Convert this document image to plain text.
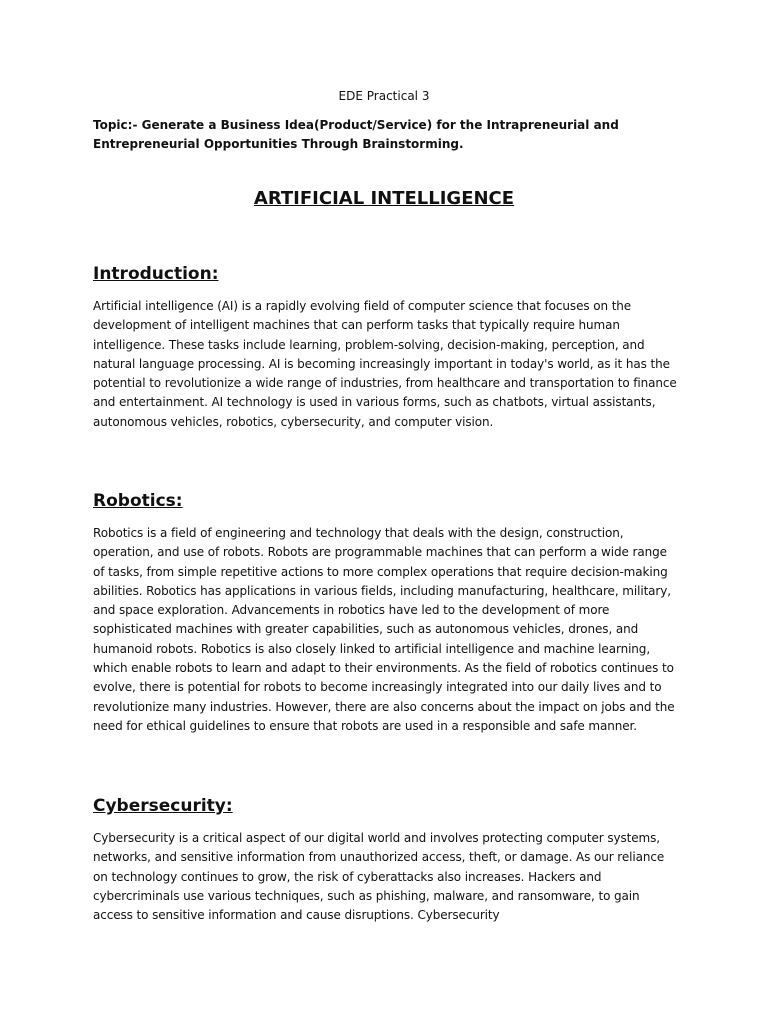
EDE Practical 3
Topic:- Generate a Business Idea(Product/Service) for the Intrapreneurial and Entrepreneurial Opportunities Through Brainstorming.
ARTIFICIAL INTELLIGENCE
Introduction:

Artificial intelligence (AI) is a rapidly evolving field of computer science that focuses on the development of intelligent machines that can perform tasks that typically require human intelligence. These tasks include learning, problem-solving, decision-making, perception, and natural language processing. AI is becoming increasingly important in today's world, as it has the potential to revolutionize a wide range of industries, from healthcare and transportation to finance and entertainment. AI technology is used in various forms, such as chatbots, virtual assistants, autonomous vehicles, robotics, cybersecurity, and computer vision.

Robotics:

Robotics is a field of engineering and technology that deals with the design, construction, operation, and use of robots. Robots are programmable machines that can perform a wide range of tasks, from simple repetitive actions to more complex operations that require decision-making abilities. Robotics has applications in various fields, including manufacturing, healthcare, military, and space exploration. Advancements in robotics have led to the development of more sophisticated machines with greater capabilities, such as autonomous vehicles, drones, and humanoid robots. Robotics is also closely linked to artificial intelligence and machine learning, which enable robots to learn and adapt to their environments. As the field of robotics continues to evolve, there is potential for robots to become increasingly integrated into our daily lives and to revolutionize many industries. However, there are also concerns about the impact on jobs and the need for ethical guidelines to ensure that robots are used in a responsible and safe manner.

Cybersecurity:

Cybersecurity is a critical aspect of our digital world and involves protecting computer systems, networks, and sensitive information from unauthorized access, theft, or damage. As our reliance on technology continues to grow, the risk of cyberattacks also increases. Hackers and cybercriminals use various techniques, such as phishing, malware, and ransomware, to gain access to sensitive information and cause disruptions. Cybersecurity
